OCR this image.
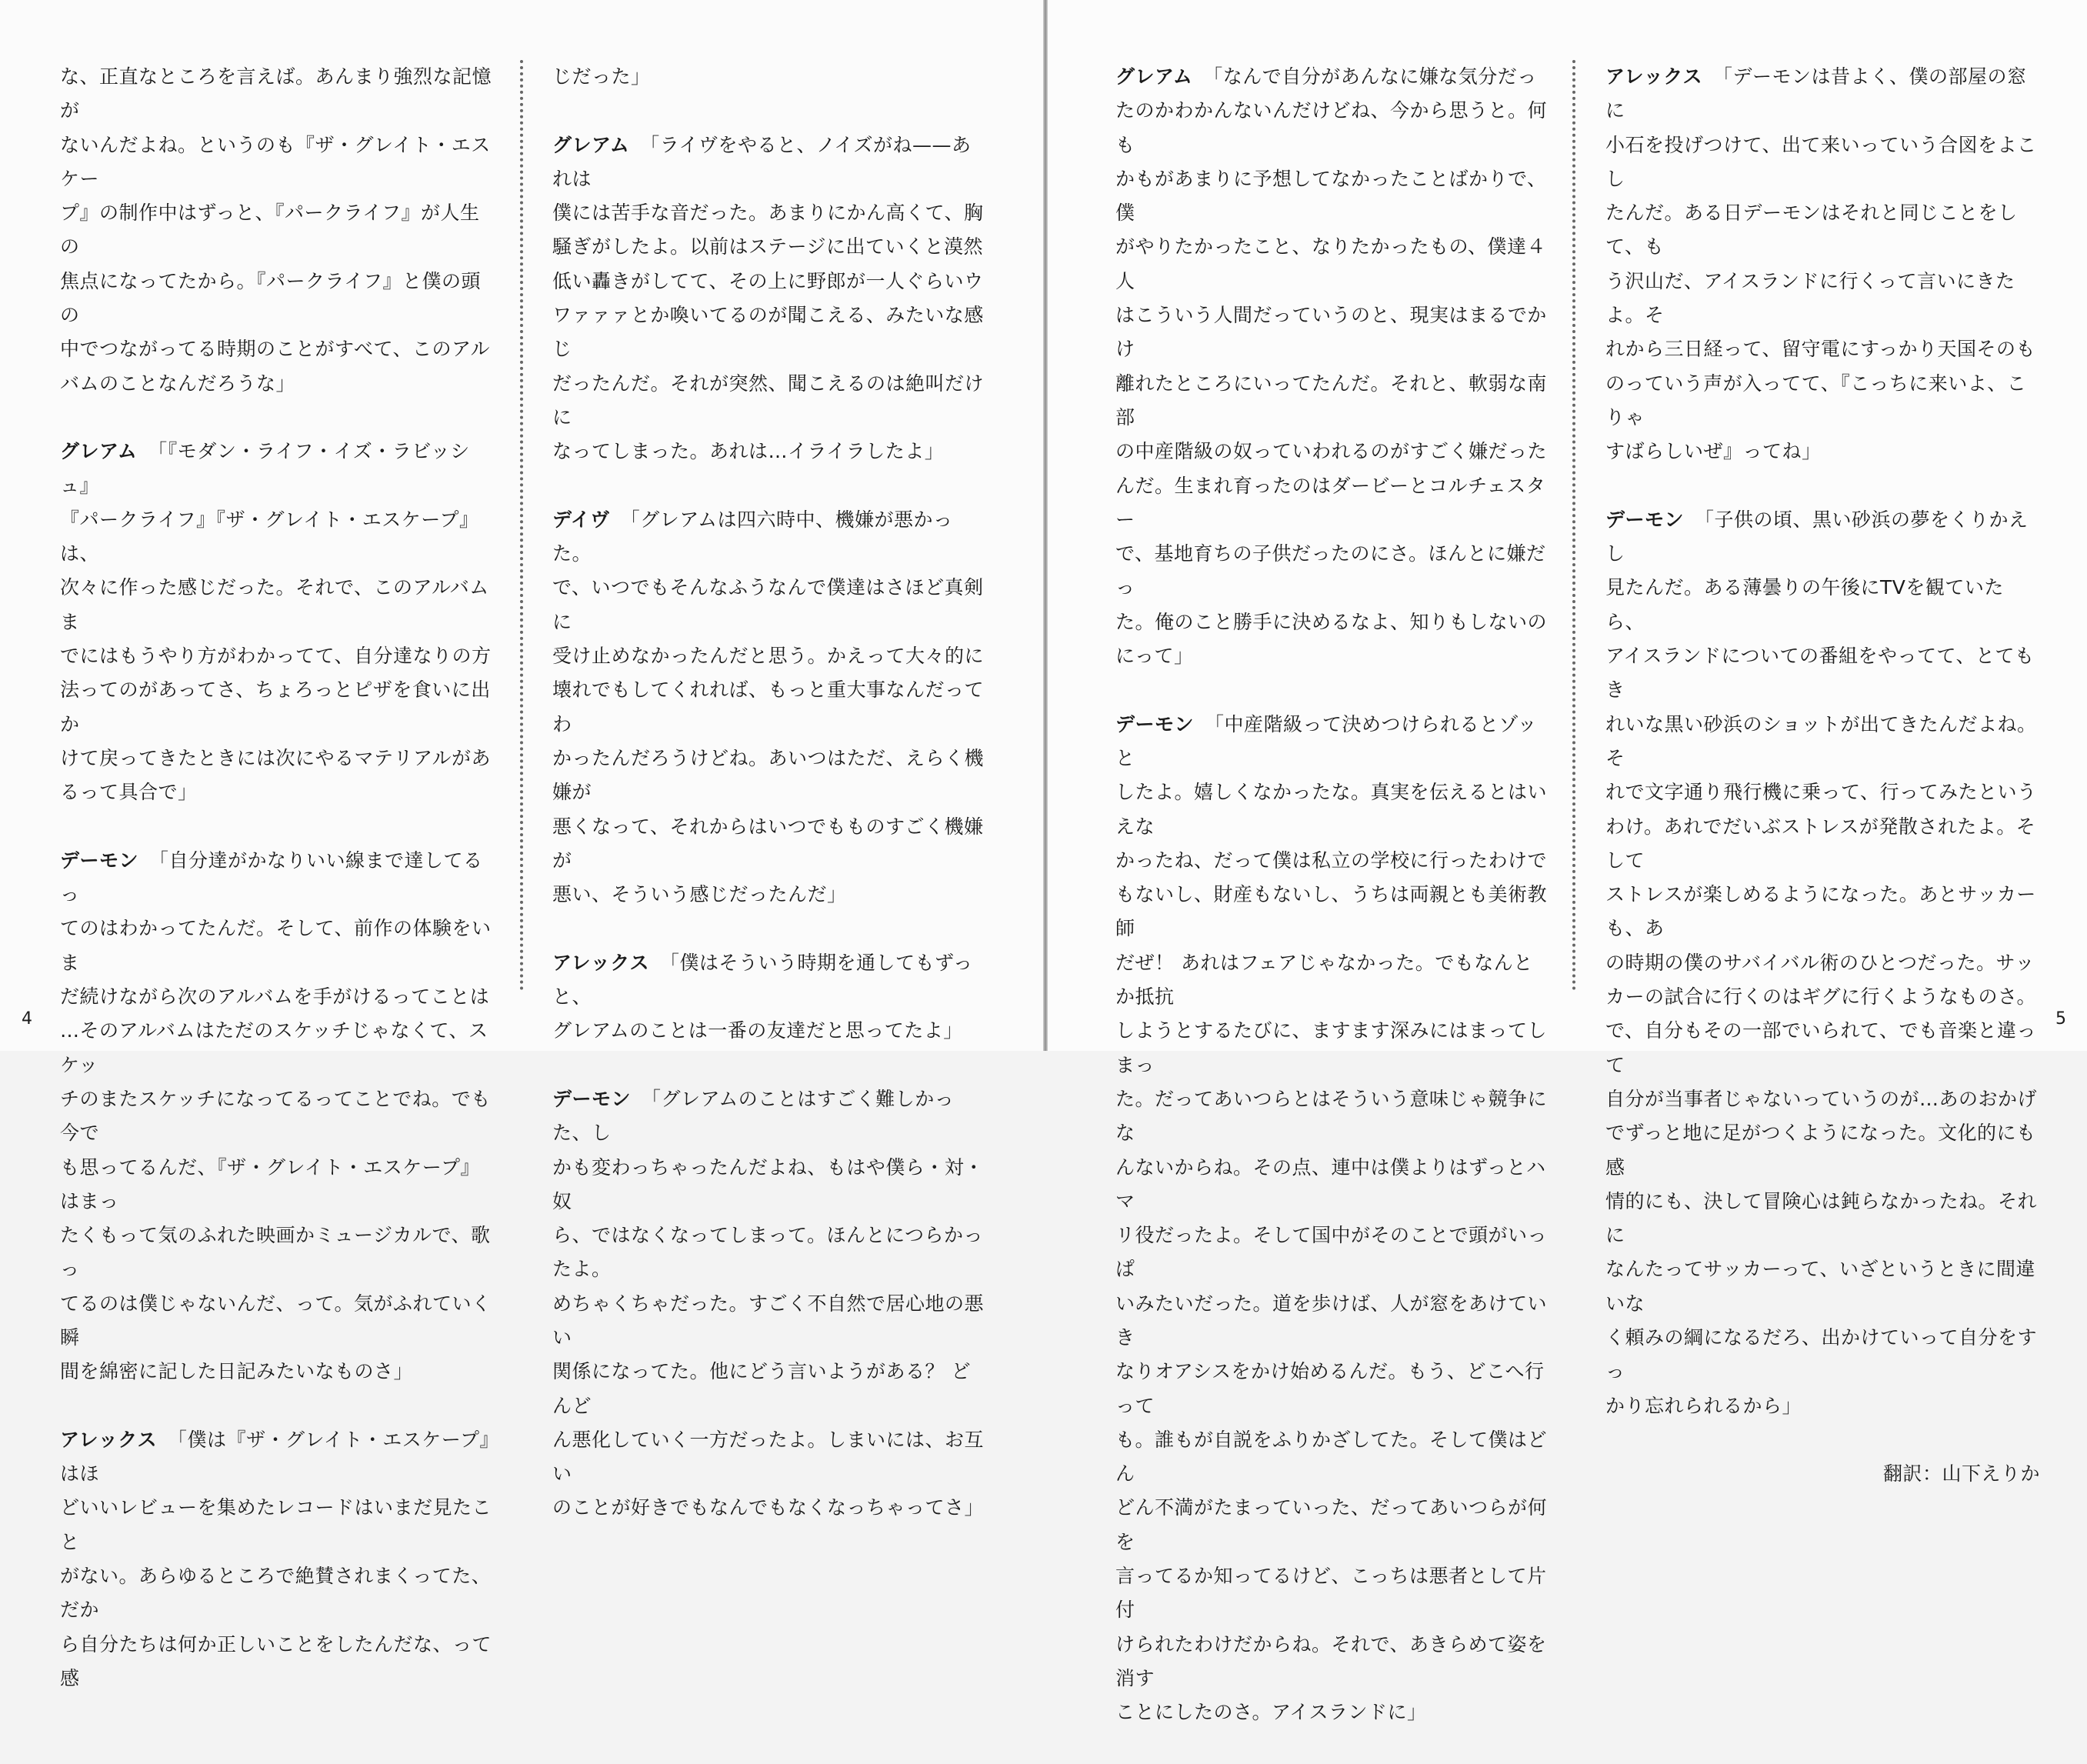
な、正直なところを言えば。あんまり強烈な記憶が
ないんだよね。というのも『ザ・グレイト・エスケー
プ』の制作中はずっと、『パークライフ』が人生の
焦点になってたから。『パークライフ』と僕の頭の
中でつながってる時期のことがすべて、このアル
バムのことなんだろうな」

グレアム 「『モダン・ライフ・イズ・ラビッシュ』
『パークライフ』『ザ・グレイト・エスケープ』は、
次々に作った感じだった。それで、このアルバムま
でにはもうやり方がわかってて、自分達なりの方
法ってのがあってさ、ちょろっとピザを食いに出か
けて戻ってきたときには次にやるマテリアルがあ
るって具合で」

デーモン 「自分達がかなりいい線まで達してるっ
てのはわかってたんだ。そして、前作の体験をいま
だ続けながら次のアルバムを手がけるってことは
…そのアルバムはただのスケッチじゃなくて、スケッ
チのまたスケッチになってるってことでね。でも今で
も思ってるんだ、『ザ・グレイト・エスケープ』はまっ
たくもって気のふれた映画かミュージカルで、歌っ
てるのは僕じゃないんだ、って。気がふれていく瞬
間を綿密に記した日記みたいなものさ」

アレックス 「僕は『ザ・グレイト・エスケープ』はほ
どいいレビューを集めたレコードはいまだ見たこと
がない。あらゆるところで絶賛されまくってた、だか
ら自分たちは何か正しいことをしたんだな、って感

じだった」

グレアム 「ライヴをやると、ノイズがね——あれは
僕には苦手な音だった。あまりにかん高くて、胸
騒ぎがしたよ。以前はステージに出ていくと漠然
低い轟きがしてて、その上に野郎が一人ぐらいウ
ワァァァとか喚いてるのが聞こえる、みたいな感じ
だったんだ。それが突然、聞こえるのは絶叫だけに
なってしまった。あれは…イライラしたよ」

デイヴ 「グレアムは四六時中、機嫌が悪かった。
で、いつでもそんなふうなんで僕達はさほど真剣に
受け止めなかったんだと思う。かえって大々的に
壊れでもしてくれれば、もっと重大事なんだってわ
かったんだろうけどね。あいつはただ、えらく機嫌が
悪くなって、それからはいつでもものすごく機嫌が
悪い、そういう感じだったんだ」

アレックス 「僕はそういう時期を通してもずっと、
グレアムのことは一番の友達だと思ってたよ」

デーモン 「グレアムのことはすごく難しかった、し
かも変わっちゃったんだよね、もはや僕ら・対・奴
ら、ではなくなってしまって。ほんとにつらかったよ。
めちゃくちゃだった。すごく不自然で居心地の悪い
関係になってた。他にどう言いようがある？ どんど
ん悪化していく一方だったよ。しまいには、お互い
のことが好きでもなんでもなくなっちゃってさ」

グレアム 「なんで自分があんなに嫌な気分だっ
たのかわかんないんだけどね、今から思うと。何も
かもがあまりに予想してなかったことばかりで、僕
がやりたかったこと、なりたかったもの、僕達４人
はこういう人間だっていうのと、現実はまるでかけ
離れたところにいってたんだ。それと、軟弱な南部
の中産階級の奴っていわれるのがすごく嫌だった
んだ。生まれ育ったのはダービーとコルチェスター
で、基地育ちの子供だったのにさ。ほんとに嫌だっ
た。俺のこと勝手に決めるなよ、知りもしないの
にって」

デーモン 「中産階級って決めつけられるとゾッと
したよ。嬉しくなかったな。真実を伝えるとはいえな
かったね、だって僕は私立の学校に行ったわけで
もないし、財産もないし、うちは両親とも美術教師
だぜ！ あれはフェアじゃなかった。でもなんとか抵抗
しようとするたびに、ますます深みにはまってしまっ
た。だってあいつらとはそういう意味じゃ競争にな
んないからね。その点、連中は僕よりはずっとハマ
リ役だったよ。そして国中がそのことで頭がいっぱ
いみたいだった。道を歩けば、人が窓をあけていき
なりオアシスをかけ始めるんだ。もう、どこへ行って
も。誰もが自説をふりかざしてた。そして僕はどん
どん不満がたまっていった、だってあいつらが何を
言ってるか知ってるけど、こっちは悪者として片付
けられたわけだからね。それで、あきらめて姿を消す
ことにしたのさ。アイスランドに」

アレックス 「デーモンは昔よく、僕の部屋の窓に
小石を投げつけて、出て来いっていう合図をよこし
たんだ。ある日デーモンはそれと同じことをして、も
う沢山だ、アイスランドに行くって言いにきたよ。そ
れから三日経って、留守電にすっかり天国そのも
のっていう声が入ってて、『こっちに来いよ、こりゃ
すばらしいぜ』ってね」

デーモン 「子供の頃、黒い砂浜の夢をくりかえし
見たんだ。ある薄曇りの午後にTVを観ていたら、
アイスランドについての番組をやってて、とてもき
れいな黒い砂浜のショットが出てきたんだよね。そ
れで文字通り飛行機に乗って、行ってみたという
わけ。あれでだいぶストレスが発散されたよ。そして
ストレスが楽しめるようになった。あとサッカーも、あ
の時期の僕のサバイバル術のひとつだった。サッ
カーの試合に行くのはギグに行くようなものさ。
で、自分もその一部でいられて、でも音楽と違って
自分が当事者じゃないっていうのが…あのおかげ
でずっと地に足がつくようになった。文化的にも感
情的にも、決して冒険心は鈍らなかったね。それに
なんたってサッカーって、いざというときに間違いな
く頼みの綱になるだろ、出かけていって自分をすっ
かり忘れられるから」

翻訳：山下えりか

4	5
